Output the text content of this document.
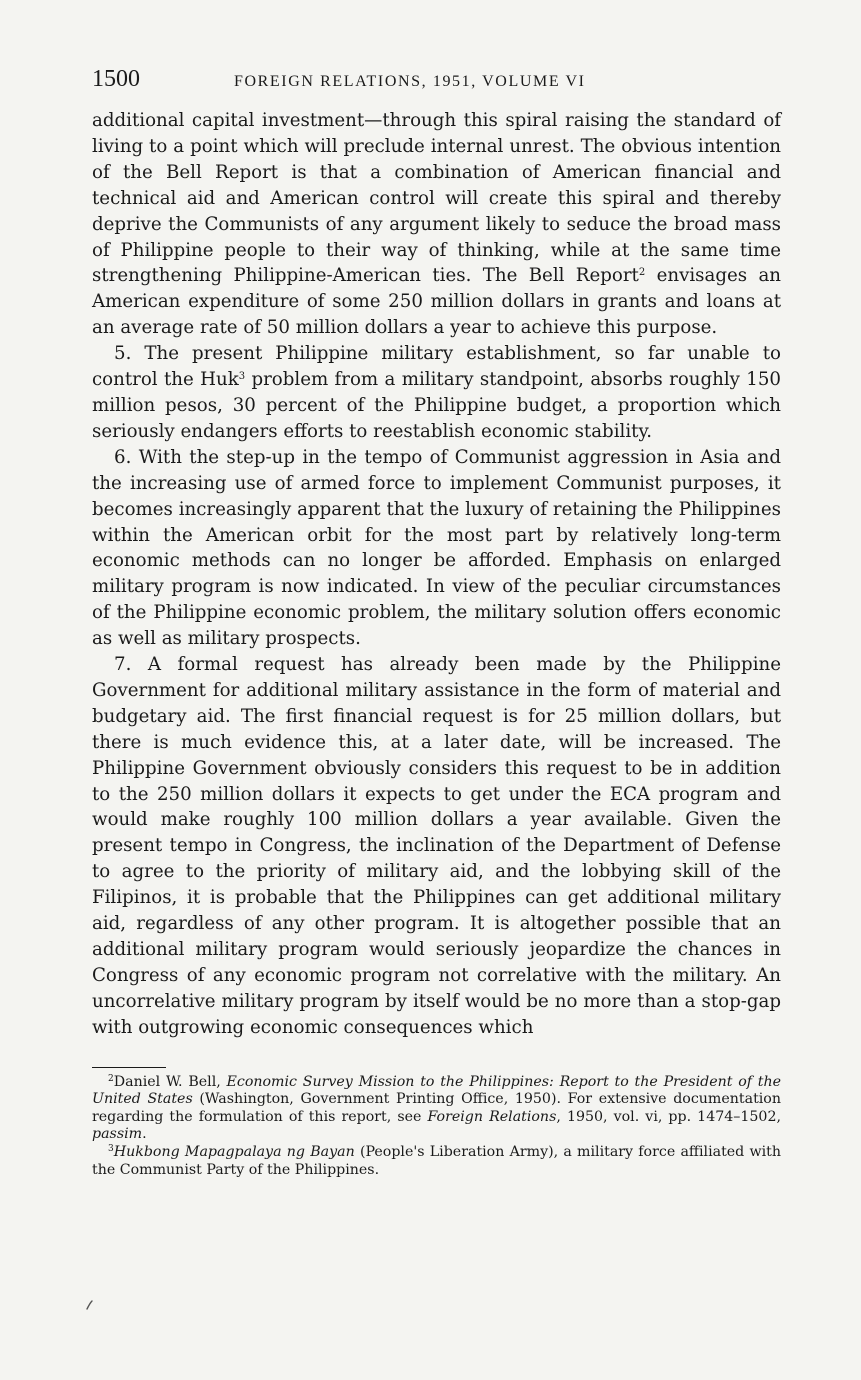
1500	FOREIGN RELATIONS, 1951, VOLUME VI

additional capital investment—through this spiral raising the standard of living to a point which will preclude internal unrest. The obvious intention of the Bell Report is that a combination of American financial and technical aid and American control will create this spiral and thereby deprive the Communists of any argument likely to seduce the broad mass of Philippine people to their way of thinking, while at the same time strengthening Philippine-American ties. The Bell Report$^2$ envisages an American expenditure of some 250 million dollars in grants and loans at an average rate of 50 million dollars a year to achieve this purpose.

5. The present Philippine military establishment, so far unable to control the Huk$^3$ problem from a military standpoint, absorbs roughly 150 million pesos, 30 percent of the Philippine budget, a proportion which seriously endangers efforts to reestablish economic stability.

6. With the step-up in the tempo of Communist aggression in Asia and the increasing use of armed force to implement Communist purposes, it becomes increasingly apparent that the luxury of retaining the Philippines within the American orbit for the most part by relatively long-term economic methods can no longer be afforded. Emphasis on enlarged military program is now indicated. In view of the peculiar circumstances of the Philippine economic problem, the military solution offers economic as well as military prospects.

7. A formal request has already been made by the Philippine Government for additional military assistance in the form of material and budgetary aid. The first financial request is for 25 million dollars, but there is much evidence this, at a later date, will be increased. The Philippine Government obviously considers this request to be in addition to the 250 million dollars it expects to get under the ECA program and would make roughly 100 million dollars a year available. Given the present tempo in Congress, the inclination of the Department of Defense to agree to the priority of military aid, and the lobbying skill of the Filipinos, it is probable that the Philippines can get additional military aid, regardless of any other program. It is altogether possible that an additional military program would seriously jeopardize the chances in Congress of any economic program not correlative with the military. An uncorrelative military program by itself would be no more than a stop-gap with outgrowing economic consequences which

$^2$Daniel W. Bell, Economic Survey Mission to the Philippines: Report to the President of the United States (Washington, Government Printing Office, 1950). For extensive documentation regarding the formulation of this report, see Foreign Relations, 1950, vol. vi, pp. 1474–1502, passim.

$^3$Hukbong Mapagpalaya ng Bayan (People's Liberation Army), a military force affiliated with the Communist Party of the Philippines.
